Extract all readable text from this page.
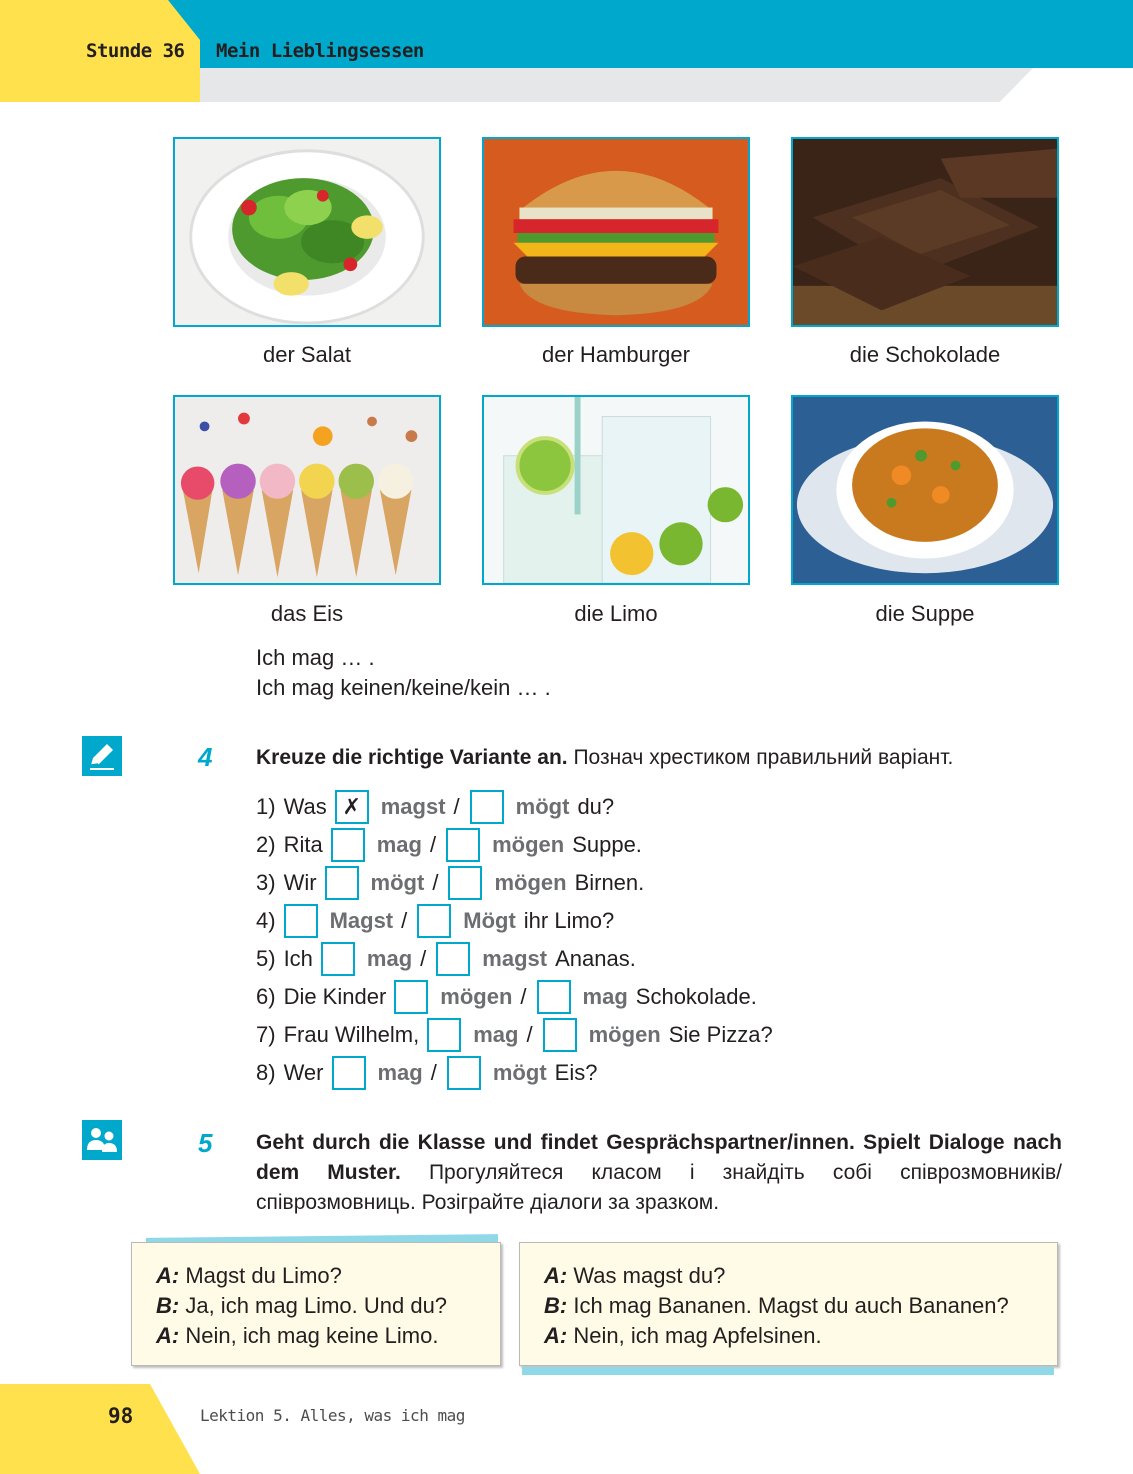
Stunde 36 Mein Lieblingsessen
der Salat	der Hamburger	die Schokolade
das Eis	die Limo	die Suppe
Ich mag … .
Ich mag keinen/keine/kein … .
4 Kreuze die richtige Variante an. Познач хрестиком правильний варіант.
1) Was ✗ magst /	mögt du?
2) Rita mag /	mögen Suppe.
3) Wir mögt /	mögen Birnen.
4) Magst /	Mögt ihr Limo?
5) Ich mag /	magst Ananas.
6) Die Kinder mögen /	mag Schokolade.
7) Frau Wilhelm, mag /	mögen Sie Pizza?
8) Wer mag /	mögt Eis?
5 Geht durch die Klasse und findet Gesprächspartner/innen. Spielt Dialoge nach dem Muster. Прогуляйтеся класом і знайдіть собі співрозмовників/співрозмовниць. Розіграйте діалоги за зразком.
A: Magst du Limo?
B: Ja, ich mag Limo. Und du?
A: Nein, ich mag keine Limo.
A: Was magst du?
B: Ich mag Bananen. Magst du auch Bananen?
A: Nein, ich mag Apfelsinen.
98	Lektion 5. Alles, was ich mag
